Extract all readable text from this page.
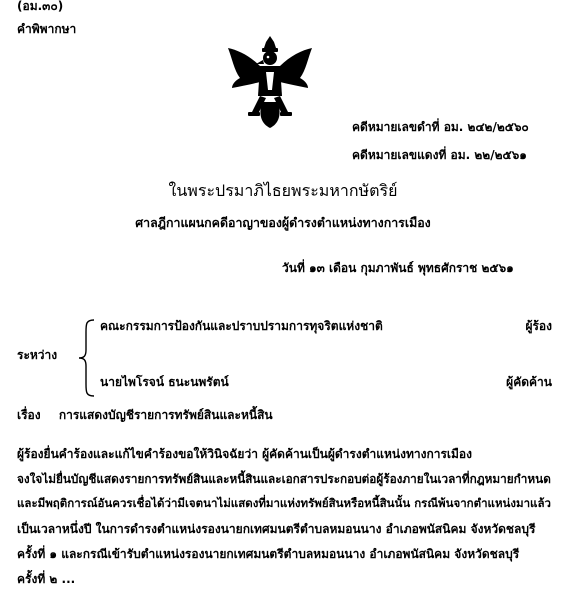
(อม.๓๐)
คำพิพากษา
คดีหมายเลขดำที่ อม. ๒๔๒/๒๕๖๐
คดีหมายเลขแดงที่ อม. ๒๒/๒๕๖๑
ในพระปรมาภิไธยพระมหากษัตริย์
ศาลฎีกาแผนกคดีอาญาของผู้ดำรงตำแหน่งทางการเมือง
วันที่ ๑๓ เดือน กุมภาพันธ์ พุทธศักราช ๒๕๖๑
ระหว่าง
คณะกรรมการป้องกันและปราบปรามการทุจริตแห่งชาติ	ผู้ร้อง
นายไพโรจน์ ธนะนพรัตน์	ผู้คัดค้าน
เรื่อง การแสดงบัญชีรายการทรัพย์สินและหนี้สิน
ผู้ร้องยื่นคำร้องและแก้ไขคำร้องขอให้วินิจฉัยว่า ผู้คัดค้านเป็นผู้ดำรงตำแหน่งทางการเมือง
จงใจไม่ยื่นบัญชีแสดงรายการทรัพย์สินและหนี้สินและเอกสารประกอบต่อผู้ร้องภายในเวลาที่กฎหมายกำหนด
และมีพฤติการณ์อันควรเชื่อได้ว่ามีเจตนาไม่แสดงที่มาแห่งทรัพย์สินหรือหนี้สินนั้น กรณีพ้นจากตำแหน่งมาแล้ว
เป็นเวลาหนึ่งปี ในการดำรงตำแหน่งรองนายกเทศมนตรีตำบลหมอนนาง อำเภอพนัสนิคม จังหวัดชลบุรี
ครั้งที่ ๑ และกรณีเข้ารับตำแหน่งรองนายกเทศมนตรีตำบลหมอนนาง อำเภอพนัสนิคม จังหวัดชลบุรี
ครั้งที่ ๒ ...
